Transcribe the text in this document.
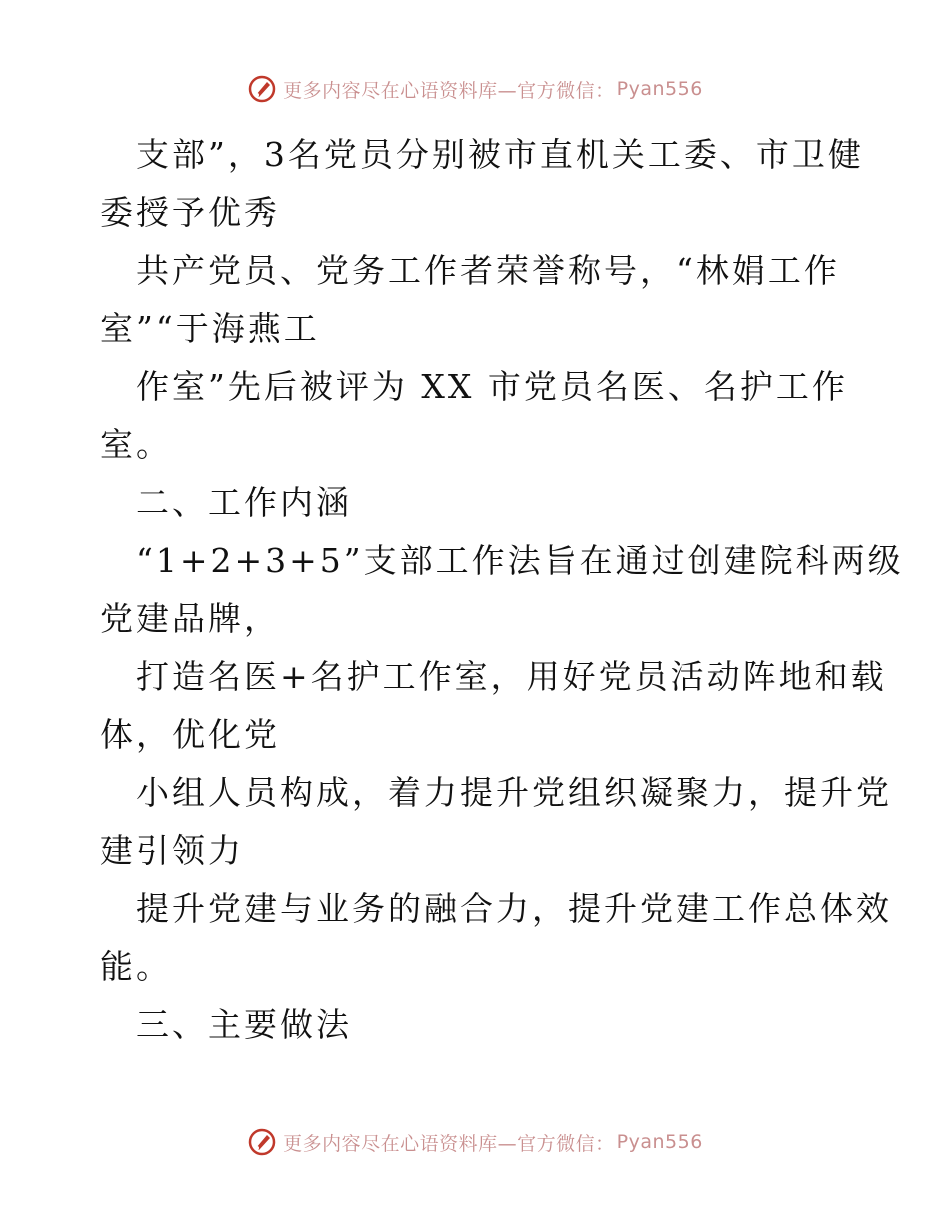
更多内容尽在心语资料库—官方微信： Pyan556
支部”，3名党员分别被市直机关工委、市卫健
委授予优秀
共产党员、党务工作者荣誉称号，“林娟工作
室”“于海燕工
作室”先后被评为 XX 市党员名医、名护工作
室。
二、工作内涵
“1+2+3+5”支部工作法旨在通过创建院科两级
党建品牌，
打造名医+名护工作室，用好党员活动阵地和载
体，优化党
小组人员构成，着力提升党组织凝聚力，提升党
建引领力
提升党建与业务的融合力，提升党建工作总体效
能。
三、主要做法
更多内容尽在心语资料库—官方微信： Pyan556
